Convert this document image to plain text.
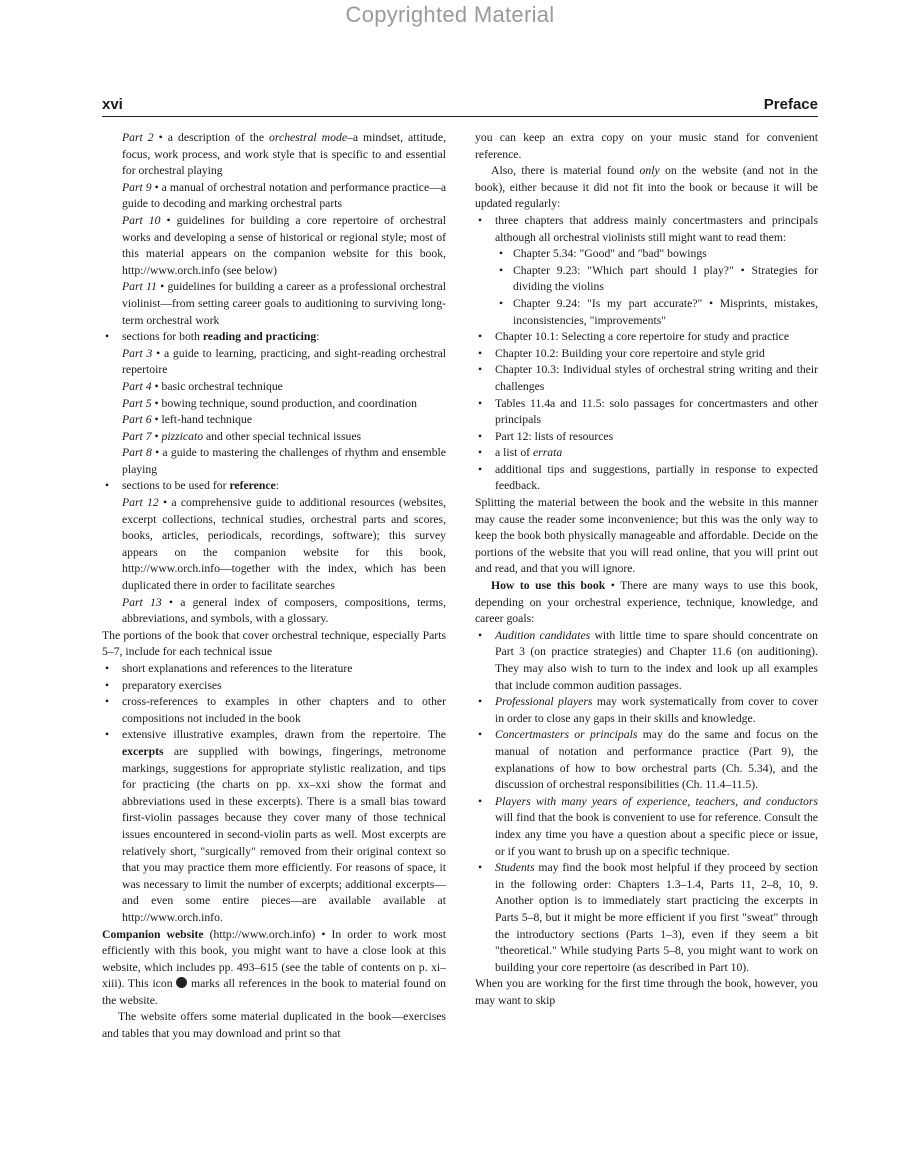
Copyrighted Material
xvi	Preface

Part 2 • a description of the orchestral mode–a mindset, attitude, focus, work process, and work style that is specific to and essential for orchestral playing

Part 9 • a manual of orchestral notation and performance practice—a guide to decoding and marking orchestral parts

Part 10 • guidelines for building a core repertoire of orchestral works and developing a sense of historical or regional style; most of this material appears on the companion website for this book, http://www.orch.info (see below)

Part 11 • guidelines for building a career as a professional orchestral violinist—from setting career goals to auditioning to surviving long-term orchestral work

• sections for both reading and practicing:

Part 3 • a guide to learning, practicing, and sight-reading orchestral repertoire

Part 4 • basic orchestral technique

Part 5 • bowing technique, sound production, and coordination

Part 6 • left-hand technique

Part 7 • pizzicato and other special technical issues

Part 8 • a guide to mastering the challenges of rhythm and ensemble playing

• sections to be used for reference:

Part 12 • a comprehensive guide to additional resources (websites, excerpt collections, technical studies, orchestral parts and scores, books, articles, periodicals, recordings, software); this survey appears on the companion website for this book, http://www.orch.info—together with the index, which has been duplicated there in order to facilitate searches

Part 13 • a general index of composers, compositions, terms, abbreviations, and symbols, with a glossary.

The portions of the book that cover orchestral technique, especially Parts 5–7, include for each technical issue

• short explanations and references to the literature
• preparatory exercises
• cross-references to examples in other chapters and to other compositions not included in the book
• extensive illustrative examples, drawn from the repertoire. The excerpts are supplied with bowings, fingerings, metronome markings, suggestions for appropriate stylistic realization, and tips for practicing (the charts on pp. xx–xxi show the format and abbreviations used in these excerpts). There is a small bias toward first-violin passages because they cover many of those technical issues encountered in second-violin parts as well. Most excerpts are relatively short, "surgically" removed from their original context so that you may practice them more efficiently. For reasons of space, it was necessary to limit the number of excerpts; additional excerpts—and even some entire pieces—are available available at http://www.orch.info.

Companion website (http://www.orch.info) • In order to work most efficiently with this book, you might want to have a close look at this website, which includes pp. 493–615 (see the table of contents on p. xi–xiii). This icon  marks all references in the book to material found on the website.

The website offers some material duplicated in the book—exercises and tables that you may download and print so that

you can keep an extra copy on your music stand for convenient reference.

Also, there is material found only on the website (and not in the book), either because it did not fit into the book or because it will be updated regularly:

• three chapters that address mainly concertmasters and principals although all orchestral violinists still might want to read them:
• Chapter 5.34: "Good" and "bad" bowings
• Chapter 9.23: "Which part should I play?" • Strategies for dividing the violins
• Chapter 9.24: "Is my part accurate?" • Misprints, mistakes, inconsistencies, "improvements"
• Chapter 10.1: Selecting a core repertoire for study and practice
• Chapter 10.2: Building your core repertoire and style grid
• Chapter 10.3: Individual styles of orchestral string writing and their challenges
• Tables 11.4a and 11.5: solo passages for concertmasters and other principals
• Part 12: lists of resources
• a list of errata
• additional tips and suggestions, partially in response to expected feedback.

Splitting the material between the book and the website in this manner may cause the reader some inconvenience; but this was the only way to keep the book both physically manageable and affordable. Decide on the portions of the website that you will read online, that you will print out and read, and that you will ignore.

How to use this book • There are many ways to use this book, depending on your orchestral experience, technique, knowledge, and career goals:

• Audition candidates with little time to spare should concentrate on Part 3 (on practice strategies) and Chapter 11.6 (on auditioning). They may also wish to turn to the index and look up all examples that include common audition passages.
• Professional players may work systematically from cover to cover in order to close any gaps in their skills and knowledge.
• Concertmasters or principals may do the same and focus on the manual of notation and performance practice (Part 9), the explanations of how to bow orchestral parts (Ch. 5.34), and the discussion of orchestral responsibilities (Ch. 11.4–11.5).
• Players with many years of experience, teachers, and conductors will find that the book is convenient to use for reference. Consult the index any time you have a question about a specific piece or issue, or if you want to brush up on a specific technique.
• Students may find the book most helpful if they proceed by section in the following order: Chapters 1.3–1.4, Parts 11, 2–8, 10, 9. Another option is to immediately start practicing the excerpts in Parts 5–8, but it might be more efficient if you first "sweat" through the introductory sections (Parts 1–3), even if they seem a bit "theoretical." While studying Parts 5–8, you might want to work on building your core repertoire (as described in Part 10).

When you are working for the first time through the book, however, you may want to skip
